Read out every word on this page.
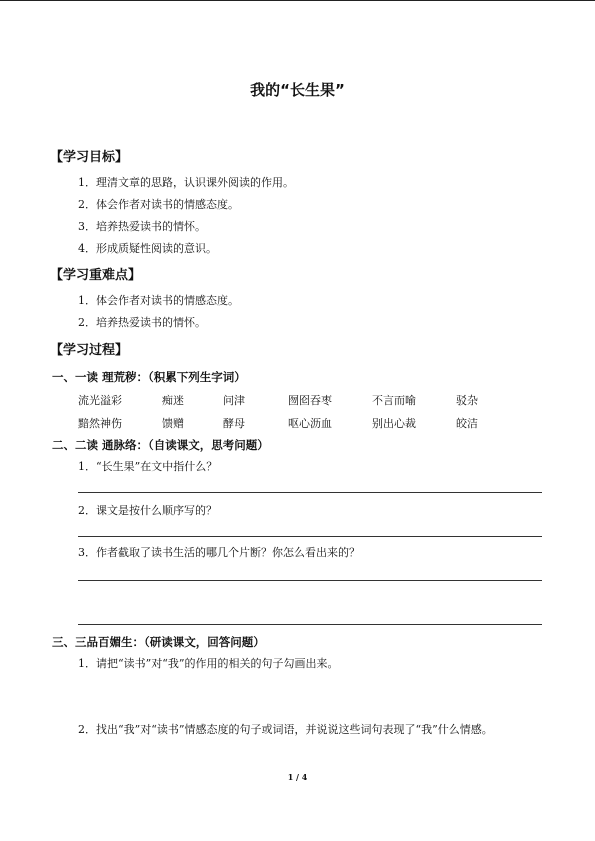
我的“长生果”
【学习目标】
1．理清文章的思路，认识课外阅读的作用。
2．体会作者对读书的情感态度。
3．培养热爱读书的情怀。
4．形成质疑性阅读的意识。
【学习重难点】
1．体会作者对读书的情感态度。
2．培养热爱读书的情怀。
【学习过程】
一、一读 理荒秽：（积累下列生字词）
流光溢彩	痴迷	问津	囫囵吞枣	不言而喻	驳杂
黯然神伤	馈赠	酵母	呕心沥血	别出心裁	皎洁
二、二读 通脉络：（自读课文，思考问题）
1．“长生果”在文中指什么？
2．课文是按什么顺序写的？
3．作者截取了读书生活的哪几个片断？你怎么看出来的？
三、三品百媚生：（研读课文，回答问题）
1．请把“读书”对“我”的作用的相关的句子勾画出来。
2．找出“我”对“读书”情感态度的句子或词语，并说说这些词句表现了“我”什么情感。
1 / 4
